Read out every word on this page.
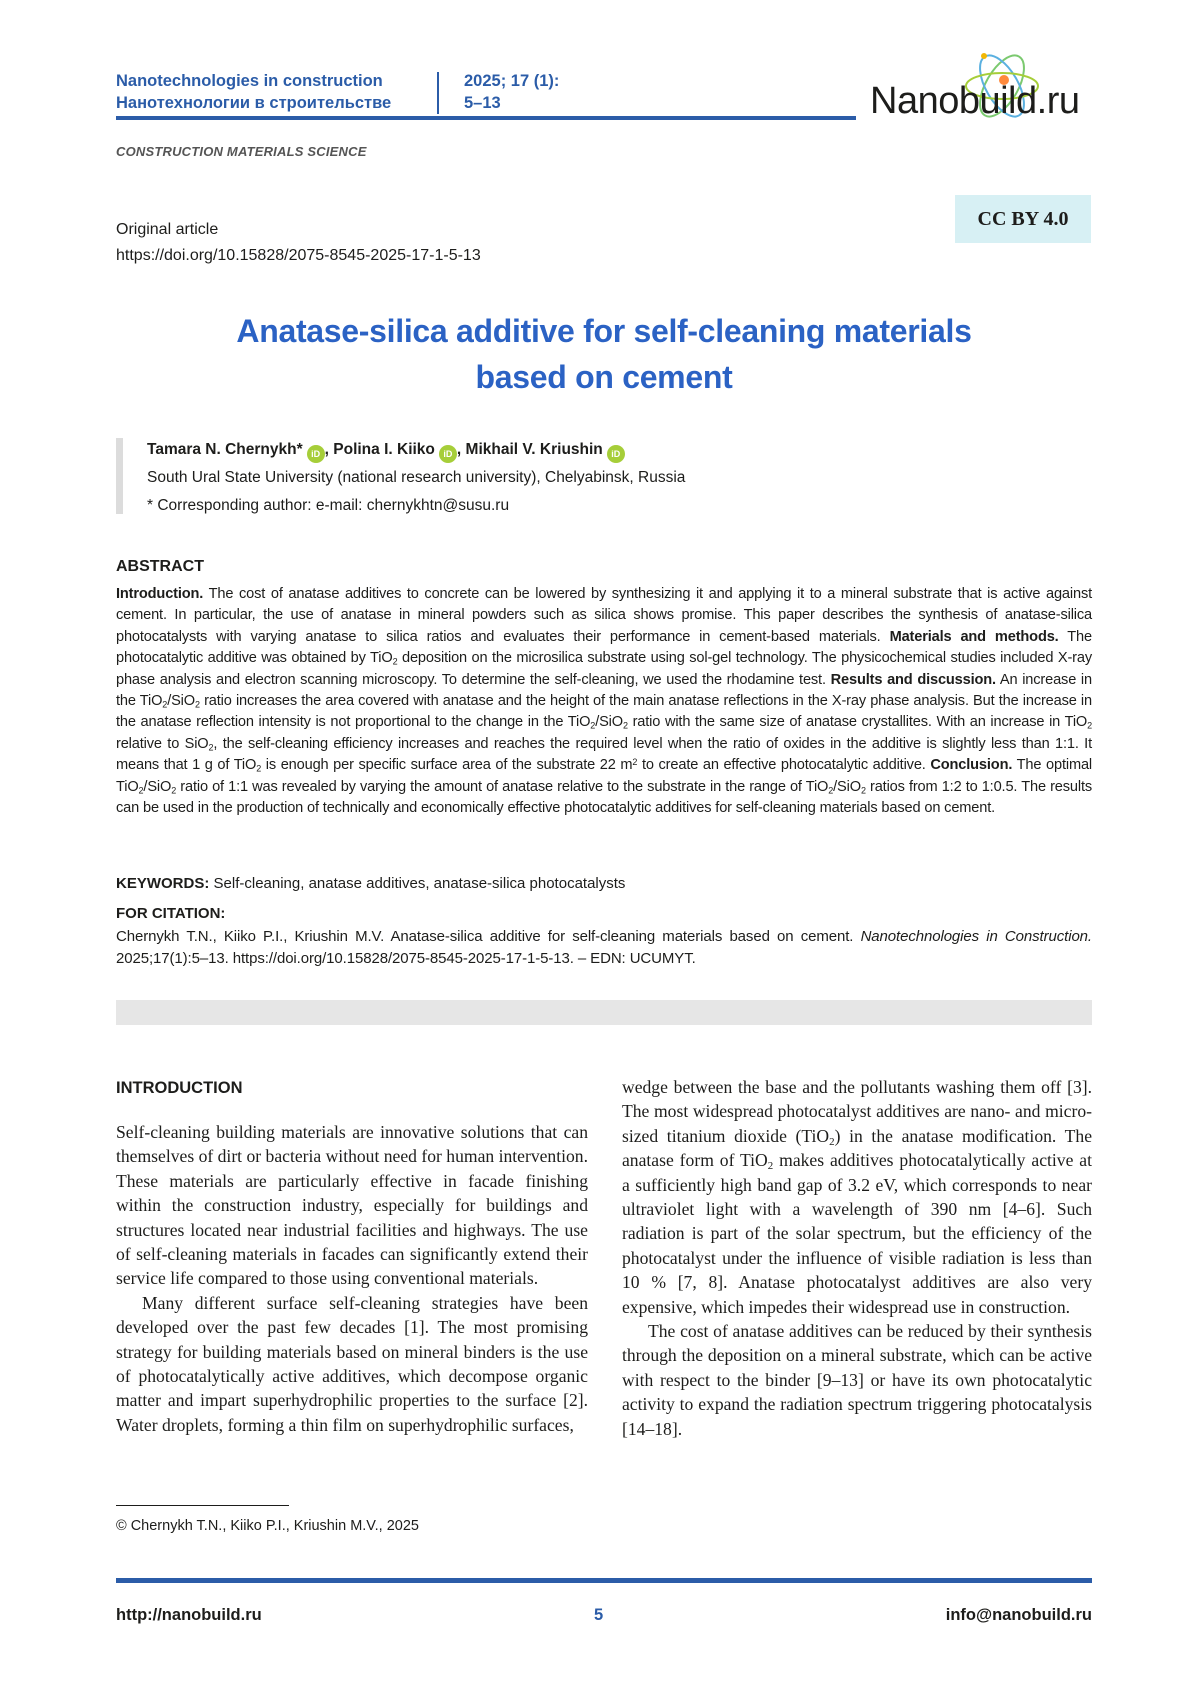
Nanotechnologies in construction
Нанотехнологии в строительстве
2025; 17 (1):
5–13	Nanobuild.ru
CONSTRUCTION MATERIALS SCIENCE
Original article
https://doi.org/10.15828/2075-8545-2025-17-1-5-13
CC BY 4.0
Anatase-silica additive for self-cleaning materials
based on cement
Tamara N. Chernykh* iD , Polina I. Kiiko iD , Mikhail V. Kriushin iD
South Ural State University (national research university), Chelyabinsk, Russia
* Corresponding author: e-mail: chernykhtn@susu.ru
ABSTRACT
Introduction. The cost of anatase additives to concrete can be lowered by synthesizing it and applying it to a mineral substrate that is active against cement. In particular, the use of anatase in mineral powders such as silica shows promise. This paper describes the synthesis of anatase-silica photocatalysts with varying anatase to silica ratios and evaluates their performance in cement-based materials. Materials and methods. The photocatalytic additive was obtained by TiO$_2$ deposition on the microsilica substrate using sol-gel technology. The physicochemical studies included X-ray phase analysis and electron scanning microscopy. To determine the self-cleaning, we used the rhodamine test. Results and discussion. An increase in the TiO$_2$/SiO$_2$ ratio increases the area covered with anatase and the height of the main anatase reflections in the X-ray phase analysis. But the increase in the anatase reflection intensity is not proportional to the change in the TiO$_2$/SiO$_2$ ratio with the same size of anatase crystallites. With an increase in TiO$_2$ relative to SiO$_2$, the self-cleaning efficiency increases and reaches the required level when the ratio of oxides in the additive is slightly less than 1:1. It means that 1 g of TiO$_2$ is enough per specific surface area of the substrate 22 $m^2$ to create an effective photocatalytic additive. Conclusion. The optimal TiO$_2$/SiO$_2$ ratio of 1:1 was revealed by varying the amount of anatase relative to the substrate in the range of TiO$_2$/SiO$_2$ ratios from 1:2 to 1:0.5. The results can be used in the production of technically and economically effective photocatalytic additives for self-cleaning materials based on cement.
KEYWORDS: Self-cleaning, anatase additives, anatase-silica photocatalysts
FOR CITATION:
Chernykh T.N., Kiiko P.I., Kriushin M.V. Anatase-silica additive for self-cleaning materials based on cement. Nanotechnologies in Construction. 2025;17(1):5–13. https://doi.org/10.15828/2075-8545-2025-17-1-5-13. – EDN: UCUMYT.
INTRODUCTION

Self-cleaning building materials are innovative solutions that can themselves of dirt or bacteria without need for human intervention. These materials are particularly effective in facade finishing within the construction industry, especially for buildings and structures located near industrial facilities and highways. The use of self-cleaning materials in facades can significantly extend their service life compared to those using conventional materials.

Many different surface self-cleaning strategies have been developed over the past few decades [1]. The most promising strategy for building materials based on mineral binders is the use of photocatalytically active additives, which decompose organic matter and impart superhydrophilic properties to the surface [2]. Water droplets, forming a thin film on superhydrophilic surfaces,

wedge between the base and the pollutants washing them off [3]. The most widespread photocatalyst additives are nano- and micro-sized titanium dioxide (TiO$_2$) in the anatase modification. The anatase form of TiO$_2$ makes additives photocatalytically active at a sufficiently high band gap of 3.2 eV, which corresponds to near ultraviolet light with a wavelength of 390 nm [4–6]. Such radiation is part of the solar spectrum, but the efficiency of the photocatalyst under the influence of visible radiation is less than 10 % [7, 8]. Anatase photocatalyst additives are also very expensive, which impedes their widespread use in construction.

The cost of anatase additives can be reduced by their synthesis through the deposition on a mineral substrate, which can be active with respect to the binder [9–13] or have its own photocatalytic activity to expand the radiation spectrum triggering photocatalysis [14–18].

© Chernykh T.N., Kiiko P.I., Kriushin M.V., 2025
http://nanobuild.ru	5	info@nanobuild.ru
